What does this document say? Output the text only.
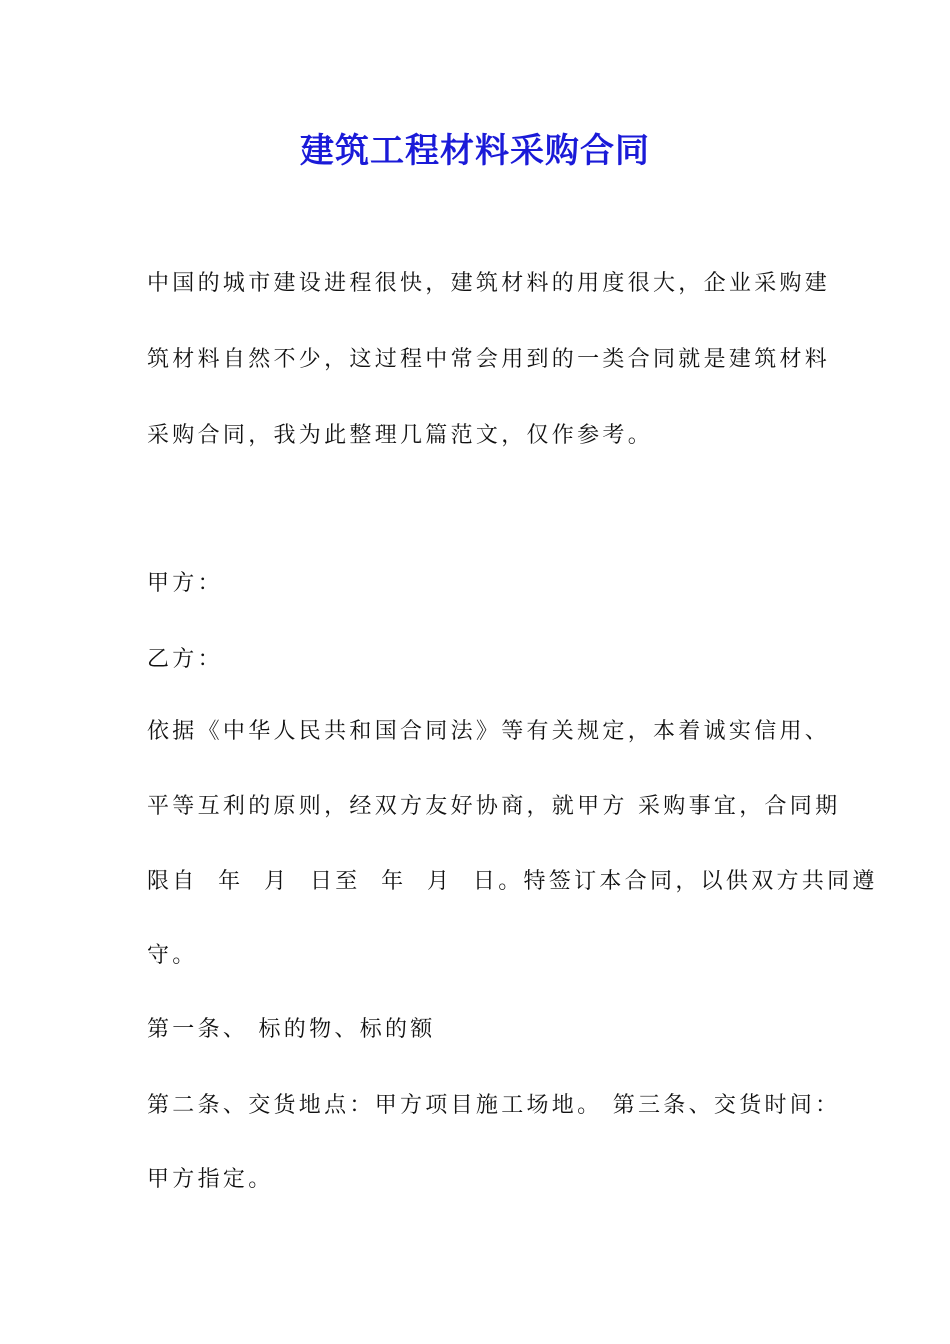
建筑工程材料采购合同
中国的城市建设进程很快，建筑材料的用度很大，企业采购建
筑材料自然不少，这过程中常会用到的一类合同就是建筑材料
采购合同，我为此整理几篇范文，仅作参考。
甲方：
乙方：
依据《中华人民共和国合同法》等有关规定，本着诚实信用、
平等互利的原则，经双方友好协商，就甲方 采购事宜，合同期
限自  年  月  日至  年  月  日。特签订本合同，以供双方共同遵
守。
第一条、 标的物、标的额
第二条、交货地点：甲方项目施工场地。 第三条、交货时间：
甲方指定。
